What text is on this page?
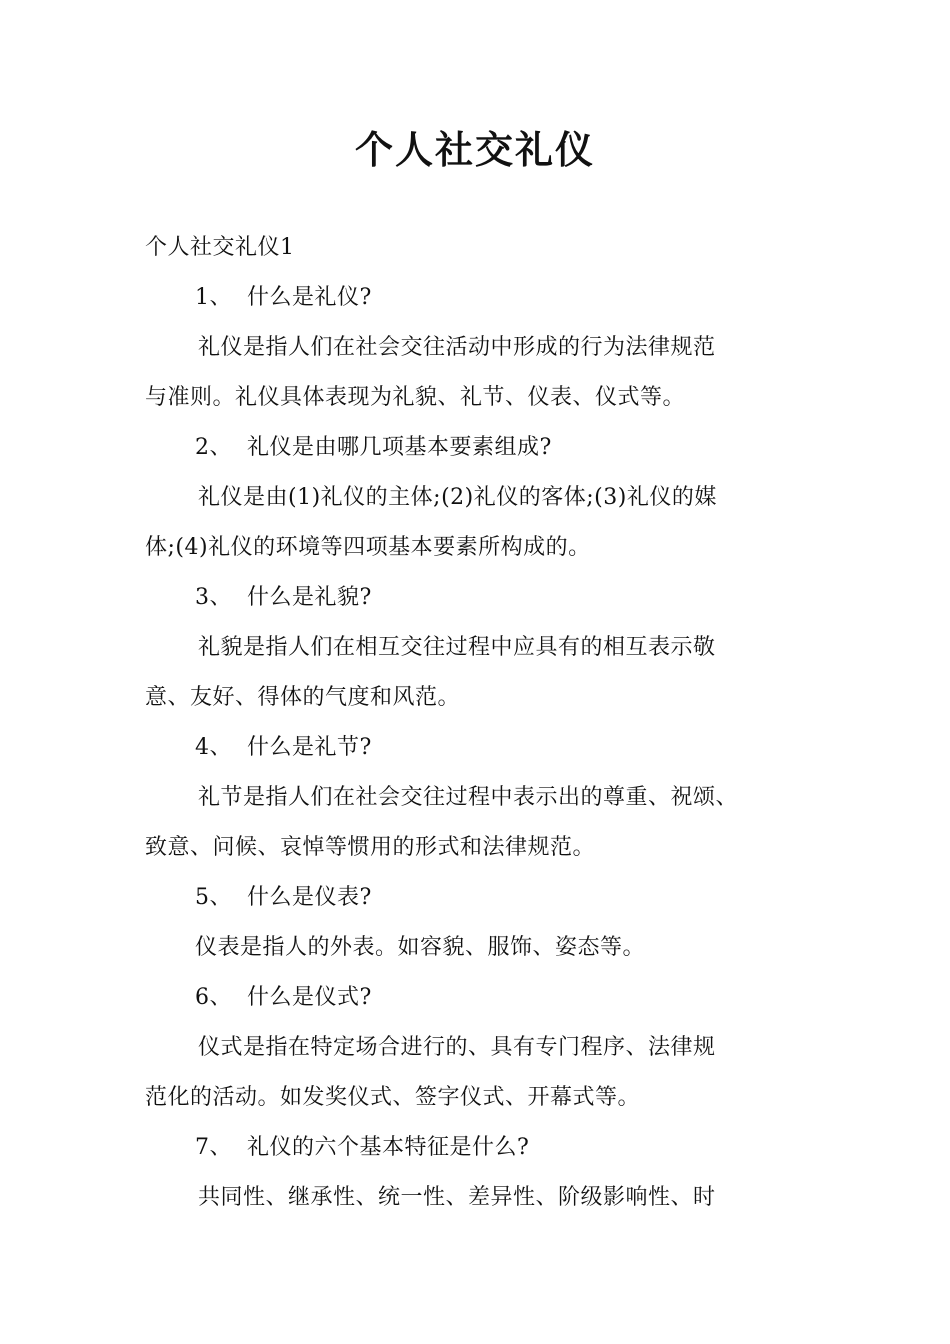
个人社交礼仪
个人社交礼仪1
1、 什么是礼仪?
礼仪是指人们在社会交往活动中形成的行为法律规范
与准则。礼仪具体表现为礼貌、礼节、仪表、仪式等。
2、 礼仪是由哪几项基本要素组成?
礼仪是由(1)礼仪的主体;(2)礼仪的客体;(3)礼仪的媒
体;(4)礼仪的环境等四项基本要素所构成的。
3、 什么是礼貌?
礼貌是指人们在相互交往过程中应具有的相互表示敬
意、友好、得体的气度和风范。
4、 什么是礼节?
礼节是指人们在社会交往过程中表示出的尊重、祝颂、
致意、问候、哀悼等惯用的形式和法律规范。
5、 什么是仪表?
仪表是指人的外表。如容貌、服饰、姿态等。
6、 什么是仪式?
仪式是指在特定场合进行的、具有专门程序、法律规
范化的活动。如发奖仪式、签字仪式、开幕式等。
7、 礼仪的六个基本特征是什么?
共同性、继承性、统一性、差异性、阶级影响性、时
